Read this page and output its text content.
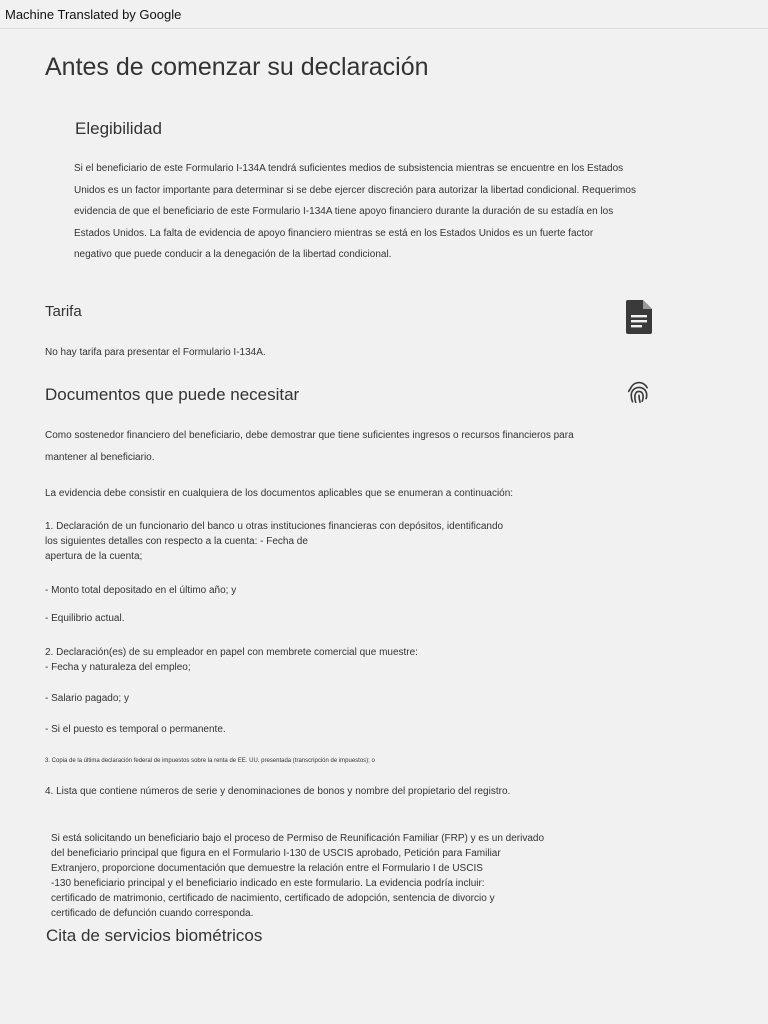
Machine Translated by Google
Antes de comenzar su declaración
Elegibilidad
Si el beneficiario de este Formulario I-134A tendrá suficientes medios de subsistencia mientras se encuentre en los Estados
Unidos es un factor importante para determinar si se debe ejercer discreción para autorizar la libertad condicional. Requerimos
evidencia de que el beneficiario de este Formulario I-134A tiene apoyo financiero durante la duración de su estadía en los
Estados Unidos. La falta de evidencia de apoyo financiero mientras se está en los Estados Unidos es un fuerte factor
negativo que puede conducir a la denegación de la libertad condicional.
Tarifa
No hay tarifa para presentar el Formulario I-134A.
Documentos que puede necesitar
Como sostenedor financiero del beneficiario, debe demostrar que tiene suficientes ingresos o recursos financieros para
mantener al beneficiario.
La evidencia debe consistir en cualquiera de los documentos aplicables que se enumeran a continuación:
1. Declaración de un funcionario del banco u otras instituciones financieras con depósitos, identificando
los siguientes detalles con respecto a la cuenta: - Fecha de
apertura de la cuenta;
- Monto total depositado en el último año; y
- Equilibrio actual.
2. Declaración(es) de su empleador en papel con membrete comercial que muestre:
- Fecha y naturaleza del empleo;
- Salario pagado; y
- Si el puesto es temporal o permanente.
3. Copia de la última declaración federal de impuestos sobre la renta de EE. UU. presentada (transcripción de impuestos); o
4. Lista que contiene números de serie y denominaciones de bonos y nombre del propietario del registro.
Si está solicitando un beneficiario bajo el proceso de Permiso de Reunificación Familiar (FRP) y es un derivado
del beneficiario principal que figura en el Formulario I-130 de USCIS aprobado, Petición para Familiar
Extranjero, proporcione documentación que demuestre la relación entre el Formulario I de USCIS
-130 beneficiario principal y el beneficiario indicado en este formulario. La evidencia podría incluir:
certificado de matrimonio, certificado de nacimiento, certificado de adopción, sentencia de divorcio y
certificado de defunción cuando corresponda.
Cita de servicios biométricos
